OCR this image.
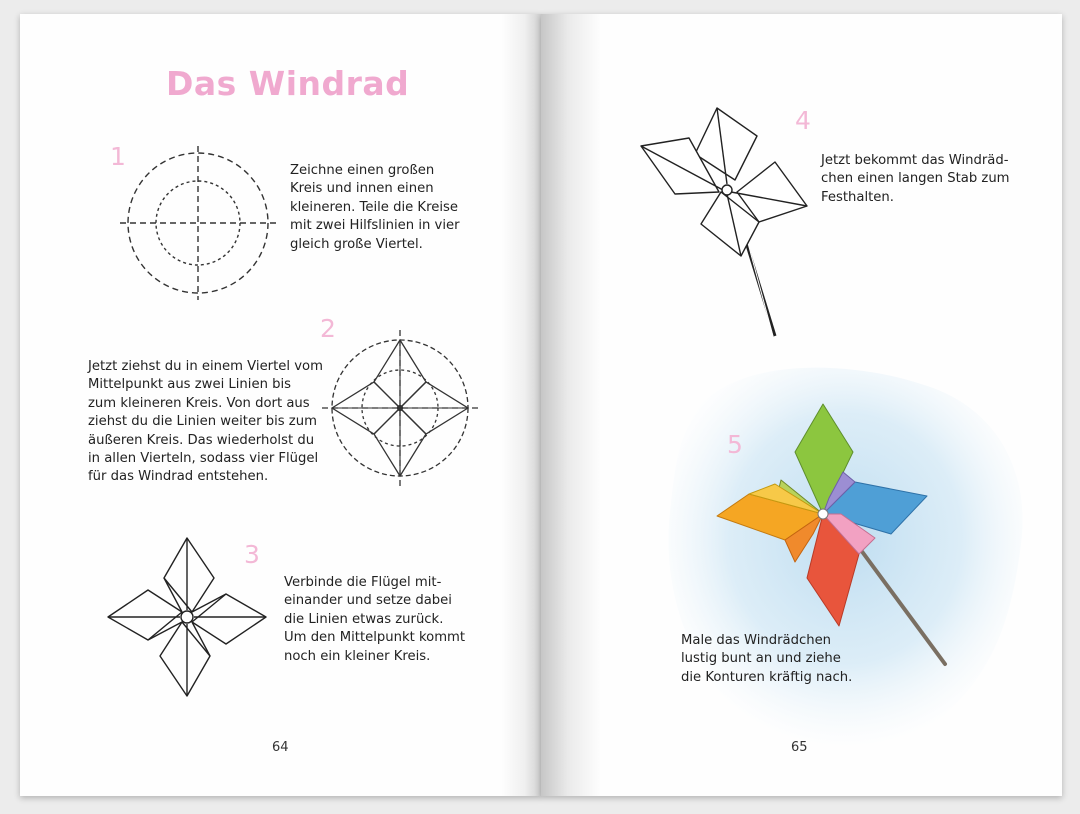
Das Windrad
1	Zeichne einen großen
Kreis und innen einen
kleineren. Teile die Kreise
mit zwei Hilfslinien in vier
gleich große Viertel.
2
Jetzt ziehst du in einem Viertel vom
Mittelpunkt aus zwei Linien bis
zum kleineren Kreis. Von dort aus
ziehst du die Linien weiter bis zum
äußeren Kreis. Das wiederholst du
in allen Vierteln, sodass vier Flügel
für das Windrad entstehen.
3
Verbinde die Flügel mit-
einander und setze dabei
die Linien etwas zurück.
Um den Mittelpunkt kommt
noch ein kleiner Kreis.
64
4
Jetzt bekommt das Windräd-
chen einen langen Stab zum
Festhalten.
5
Male das Windrädchen
lustig bunt an und ziehe
die Konturen kräftig nach.
65
